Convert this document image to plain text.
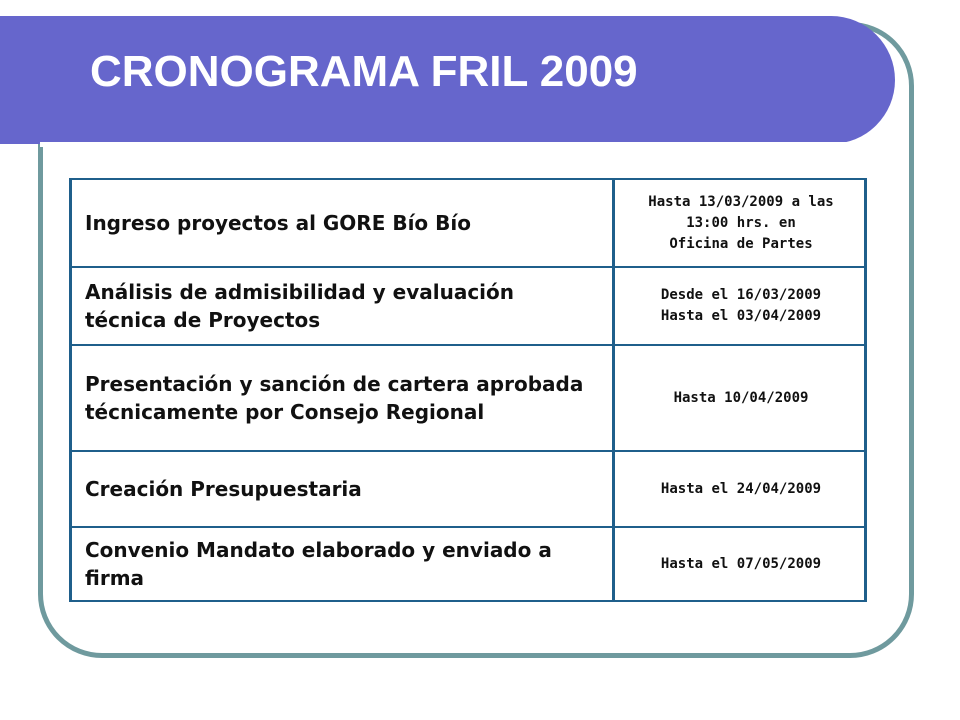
CRONOGRAMA FRIL 2009
Ingreso proyectos al GORE Bío Bío	Hasta 13/03/2009 a las
13:00 hrs. en
Oficina de Partes
Análisis de admisibilidad y evaluación técnica de Proyectos	Desde el 16/03/2009
Hasta el 03/04/2009
Presentación y sanción de cartera aprobada técnicamente por Consejo Regional	Hasta 10/04/2009
Creación Presupuestaria	Hasta el 24/04/2009
Convenio Mandato elaborado y enviado a firma	Hasta el 07/05/2009
